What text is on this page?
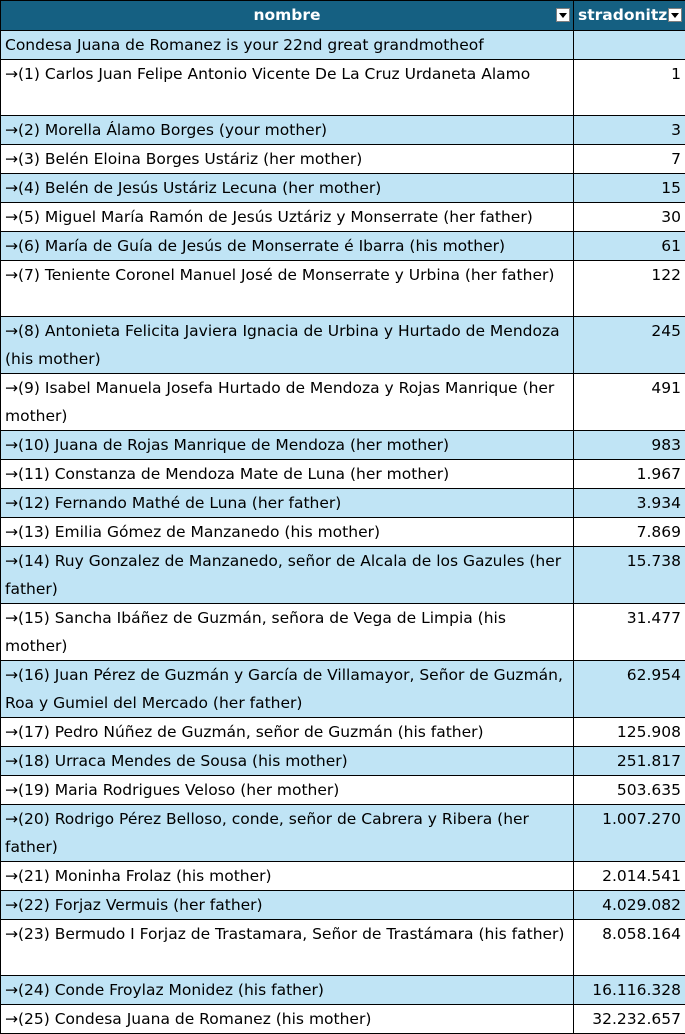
nombre	stradonitz

Condesa Juana de Romanez is your 22nd great grandmotheof	
→(1) Carlos Juan Felipe Antonio Vicente De La Cruz Urdaneta Alamo	1
→(2) Morella Álamo Borges (your mother)	3
→(3) Belén Eloina Borges Ustáriz (her mother)	7
→(4) Belén de Jesús Ustáriz Lecuna (her mother)	15
→(5) Miguel María Ramón de Jesús Uztáriz y Monserrate (her father)	30
→(6) María de Guía de Jesús de Monserrate é Ibarra (his mother)	61
→(7) Teniente Coronel Manuel José de Monserrate y Urbina (her father)	122
→(8) Antonieta Felicita Javiera Ignacia de Urbina y Hurtado de Mendoza (his mother)	245
→(9) Isabel Manuela Josefa Hurtado de Mendoza y Rojas Manrique (her mother)	491
→(10) Juana de Rojas Manrique de Mendoza (her mother)	983
→(11) Constanza de Mendoza Mate de Luna (her mother)	1.967
→(12) Fernando Mathé de Luna (her father)	3.934
→(13) Emilia Gómez de Manzanedo (his mother)	7.869
→(14) Ruy Gonzalez de Manzanedo, señor de Alcala de los Gazules (her father)	15.738
→(15) Sancha Ibáñez de Guzmán, señora de Vega de Limpia (his mother)	31.477
→(16) Juan Pérez de Guzmán y García de Villamayor, Señor de Guzmán, Roa y Gumiel del Mercado (her father)	62.954
→(17) Pedro Núñez de Guzmán, señor de Guzmán (his father)	125.908
→(18) Urraca Mendes de Sousa (his mother)	251.817
→(19) Maria Rodrigues Veloso (her mother)	503.635
→(20) Rodrigo Pérez Belloso, conde, señor de Cabrera y Ribera (her father)	1.007.270
→(21) Moninha Frolaz (his mother)	2.014.541
→(22) Forjaz Vermuis (her father)	4.029.082
→(23) Bermudo I Forjaz de Trastamara, Señor de Trastámara (his father)	8.058.164
→(24) Conde Froylaz Monidez (his father)	16.116.328
→(25) Condesa Juana de Romanez (his mother)	32.232.657
